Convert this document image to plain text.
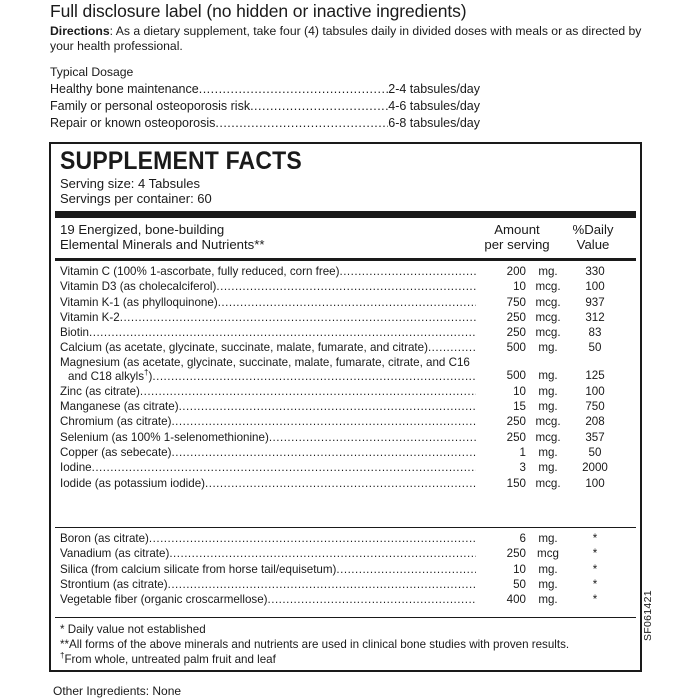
Full disclosure label (no hidden or inactive ingredients)
Directions: As a dietary supplement, take four (4) tabsules daily in divided doses with meals or as directed by your health professional.
Typical Dosage
Healthy bone maintenance .....	2-4 tabsules/day
Family or personal osteoporosis risk .....	4-6 tabsules/day
Repair or known osteoporosis .....	6-8 tabsules/day
SUPPLEMENT FACTS
Serving size: 4 Tabsules
Servings per container: 60
19 Energized, bone-building
Elemental Minerals and Nutrients**
Amount
per serving
%Daily
Value
Vitamin C (100% 1-ascorbate, fully reduced, corn free) .....	200	mg.	330
Vitamin D3 (as cholecalciferol) .....	10 mcg.	100
Vitamin K-1 (as phylloquinone) .....	750 mcg.	937
Vitamin K-2 .....	250 mcg.	312
Biotin .....	250 mcg.	83
Calcium (as acetate, glycinate, succinate, malate, fumarate, and citrate) .....	500	mg.	50
Magnesium (as acetate, glycinate, succinate, malate, fumarate, citrate, and C16
and C18 alkyls†) .....	500	mg.	125
Zinc (as citrate) .....	10	mg.	100
Manganese (as citrate) .....	15	mg.	750
Chromium (as citrate) .....	250 mcg.	208
Selenium (as 100% 1-selenomethionine) .....	250 mcg.	357
Copper (as sebecate) .....	1	mg.	50
Iodine .....	3	mg.	2000
Iodide (as potassium iodide) .....	150 mcg.	100
Boron (as citrate) .....	6	mg.	*
Vanadium (as citrate) .....	250 mcg	*
Silica (from calcium silicate from horse tail/equisetum) .....	10	mg.	*
Strontium (as citrate) .....	50	mg.	*
Vegetable fiber (organic croscarmellose) .....	400	mg.	*
* Daily value not established
**All forms of the above minerals and nutrients are used in clinical bone studies with proven results.
†From whole, untreated palm fruit and leaf
SF061421
Other Ingredients: None
